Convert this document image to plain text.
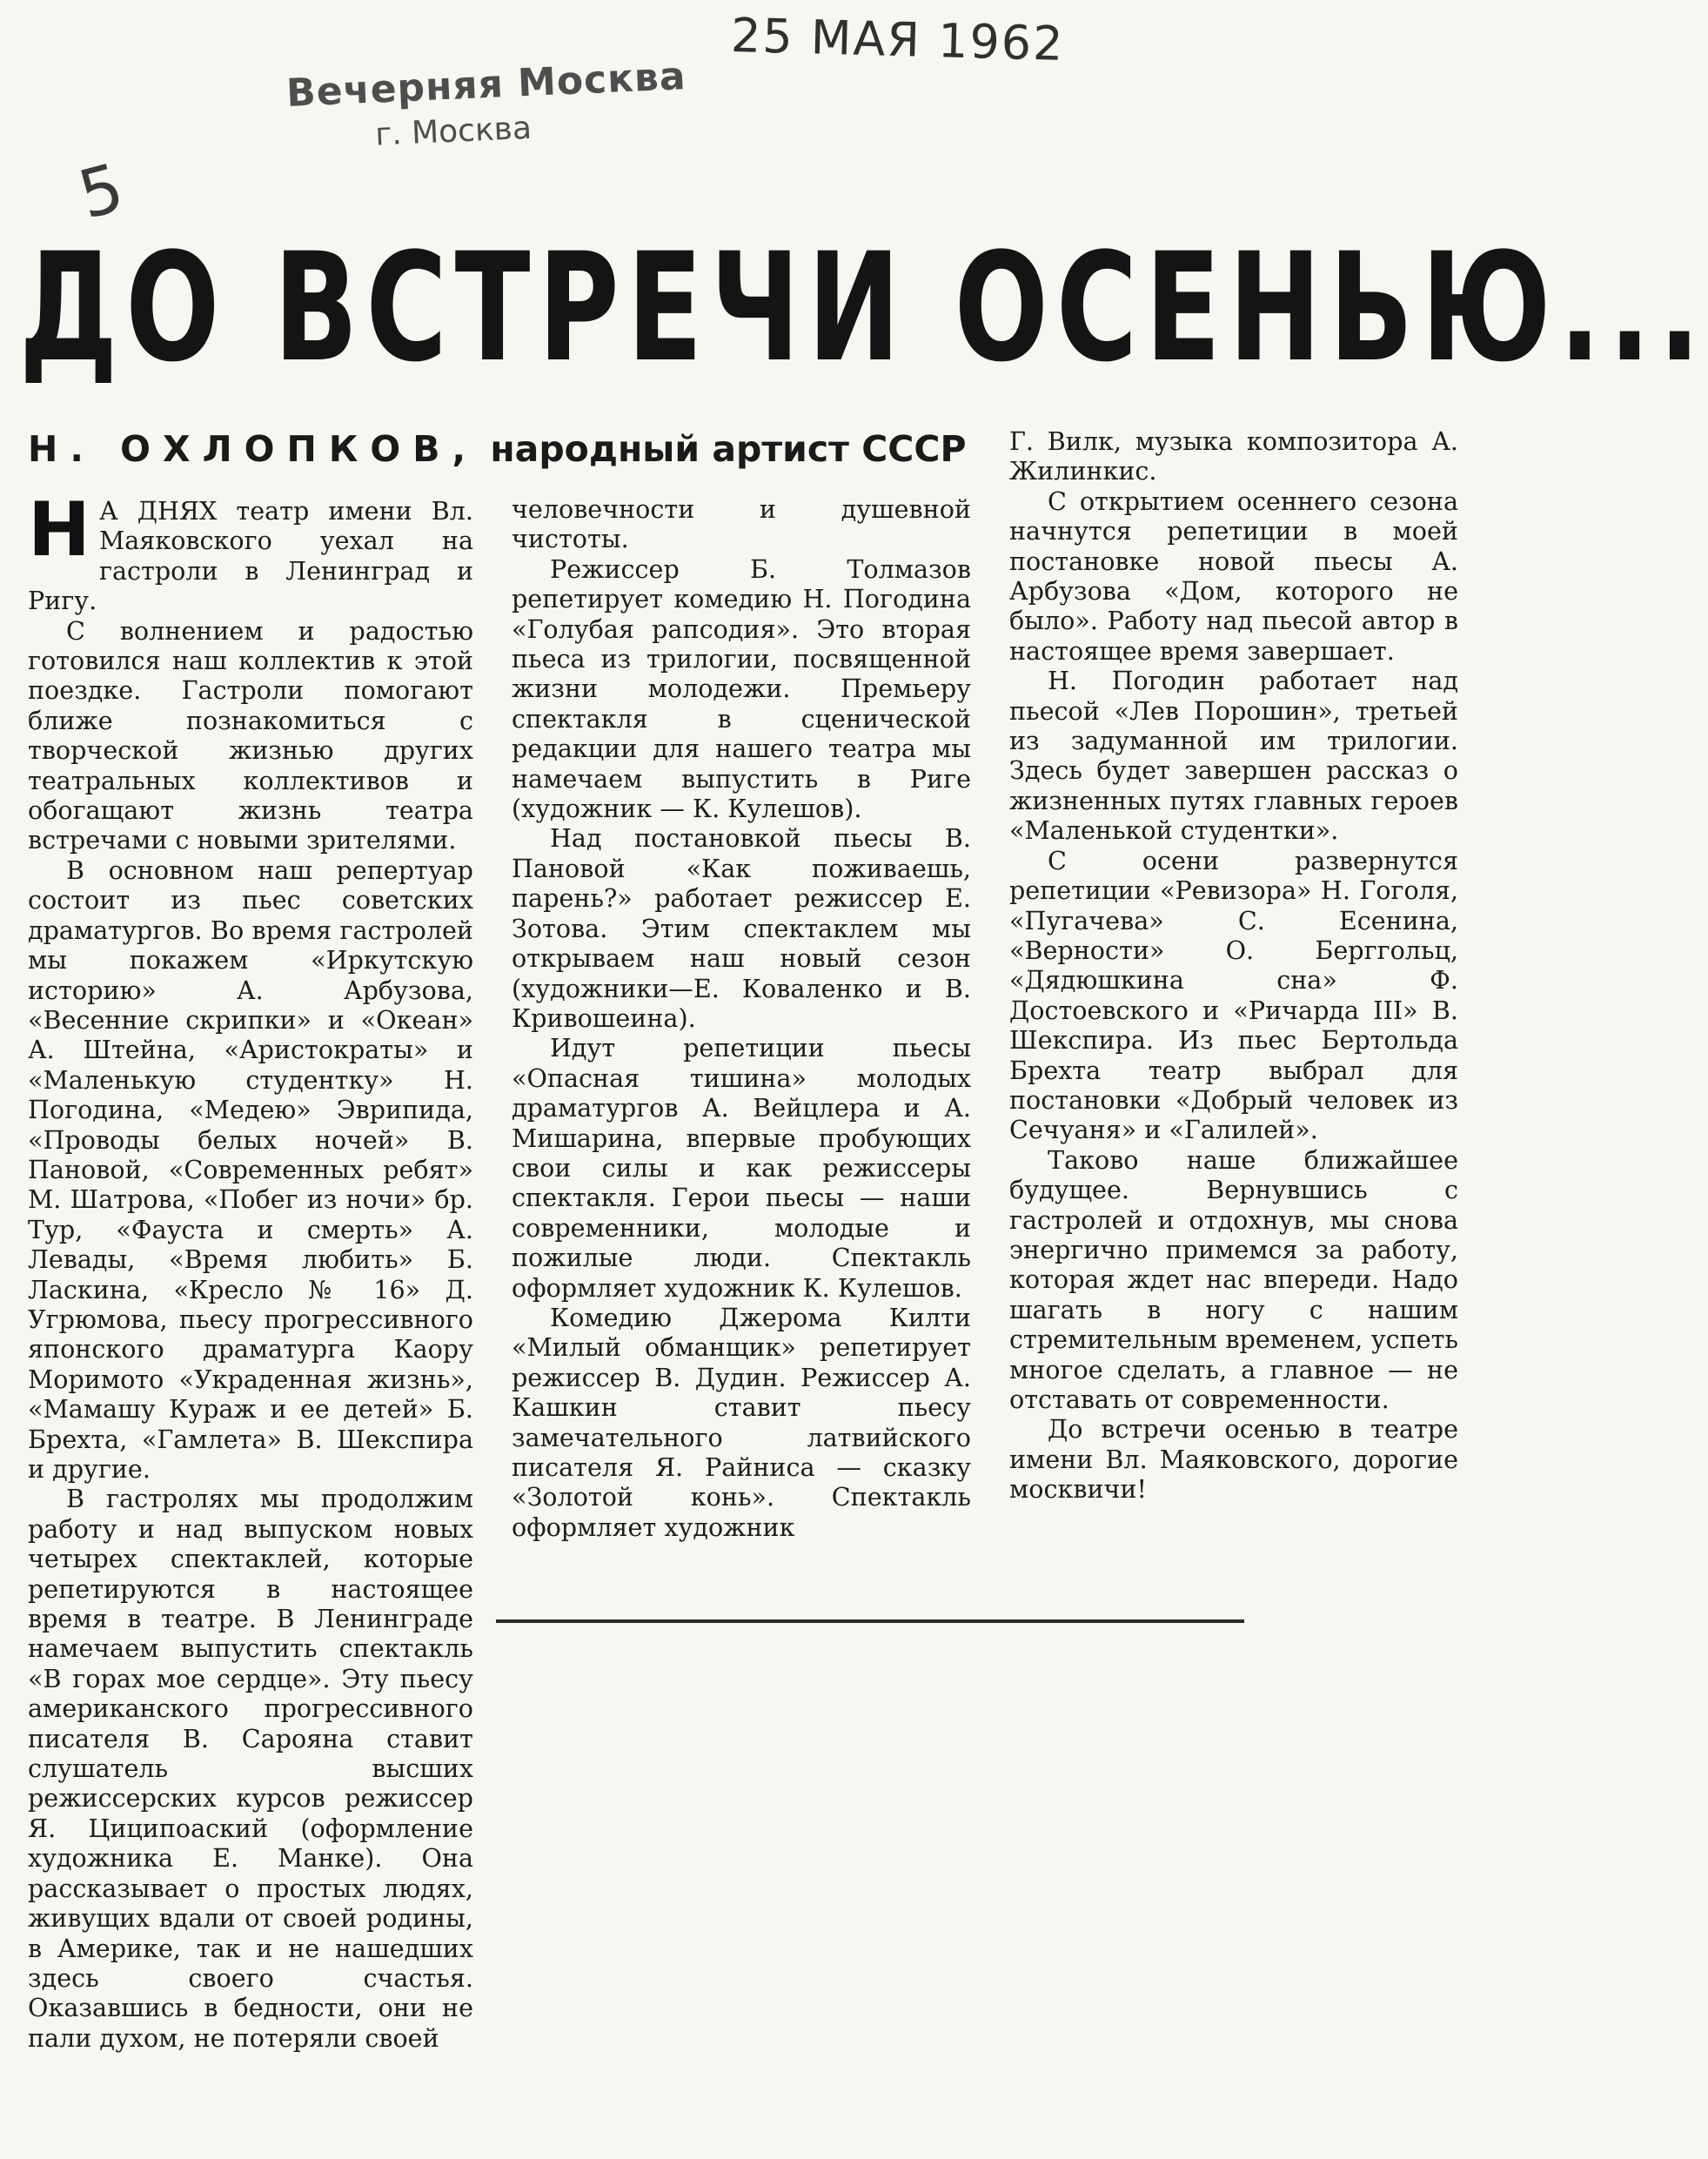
Вечерняя Москва
г. Москва
25 МАЯ 1962
5
ДО ВСТРЕЧИ ОСЕНЬЮ...
Н. ОХЛОПКОВ, народный артист СССР

Н А ДНЯХ театр имени Вл. Маяковского уехал на гастроли в Ленинград и Ригу.

С волнением и радостью готовился наш коллектив к этой поездке. Гастроли помогают ближе познакомиться с творческой жизнью других театральных коллективов и обогащают жизнь театра встречами с новыми зрителями.

В основном наш репертуар состоит из пьес советских драматургов. Во время гастролей мы покажем «Иркутскую историю» А. Арбузова, «Весенние скрипки» и «Океан» А. Штейна, «Аристократы» и «Маленькую студентку» Н. Погодина, «Медею» Эврипида, «Проводы белых ночей» В. Пановой, «Современных ребят» М. Шатрова, «Побег из ночи» бр. Тур, «Фауста и смерть» А. Левады, «Время любить» Б. Ласкина, «Кресло № 16» Д. Угрюмова, пьесу прогрессивного японского драматурга Каору Моримото «Украденная жизнь», «Мамашу Кураж и ее детей» Б. Брехта, «Гамлета» В. Шекспира и другие.

В гастролях мы продолжим работу и над выпуском новых четырех спектаклей, которые репетируются в настоящее время в театре. В Ленинграде намечаем выпустить спектакль «В горах мое сердце». Эту пьесу американского прогрессивного писателя В. Сарояна ставит слушатель высших режиссерских курсов режиссер Я. Циципоаский (оформление художника Е. Манке). Она рассказывает о простых людях, живущих вдали от своей родины, в Америке, так и не нашедших здесь своего счастья. Оказавшись в бедности, они не пали духом, не потеряли своей

человечности и душевной чистоты.

Режиссер Б. Толмазов репетирует комедию Н. Погодина «Голубая рапсодия». Это вторая пьеса из трилогии, посвященной жизни молодежи. Премьеру спектакля в сценической редакции для нашего театра мы намечаем выпустить в Риге (художник — К. Кулешов).

Над постановкой пьесы В. Пановой «Как поживаешь, парень?» работает режиссер Е. Зотова. Этим спектаклем мы открываем наш новый сезон (художники—Е. Коваленко и В. Кривошеина).

Идут репетиции пьесы «Опасная тишина» молодых драматургов А. Вейцлера и А. Мишарина, впервые пробующих свои силы и как режиссеры спектакля. Герои пьесы — наши современники, молодые и пожилые люди. Спектакль оформляет художник К. Кулешов.

Комедию Джерома Килти «Милый обманщик» репетирует режиссер В. Дудин. Режиссер А. Кашкин ставит пьесу замечательного латвийского писателя Я. Райниса — сказку «Золотой конь». Спектакль оформляет художник

Г. Вилк, музыка композитора А. Жилинкис.

С открытием осеннего сезона начнутся репетиции в моей постановке новой пьесы А. Арбузова «Дом, которого не было». Работу над пьесой автор в настоящее время завершает.

Н. Погодин работает над пьесой «Лев Порошин», третьей из задуманной им трилогии. Здесь будет завершен рассказ о жизненных путях главных героев «Маленькой студентки».

С осени развернутся репетиции «Ревизора» Н. Гоголя, «Пугачева» С. Есенина, «Верности» О. Берггольц, «Дядюшкина сна» Ф. Достоевского и «Ричарда III» В. Шекспира. Из пьес Бертольда Брехта театр выбрал для постановки «Добрый человек из Сечуаня» и «Галилей».

Таково наше ближайшее будущее. Вернувшись с гастролей и отдохнув, мы снова энергично примемся за работу, которая ждет нас впереди. Надо шагать в ногу с нашим стремительным временем, успеть многое сделать, а главное — не отставать от современности.

До встречи осенью в театре имени Вл. Маяковского, дорогие москвичи!
